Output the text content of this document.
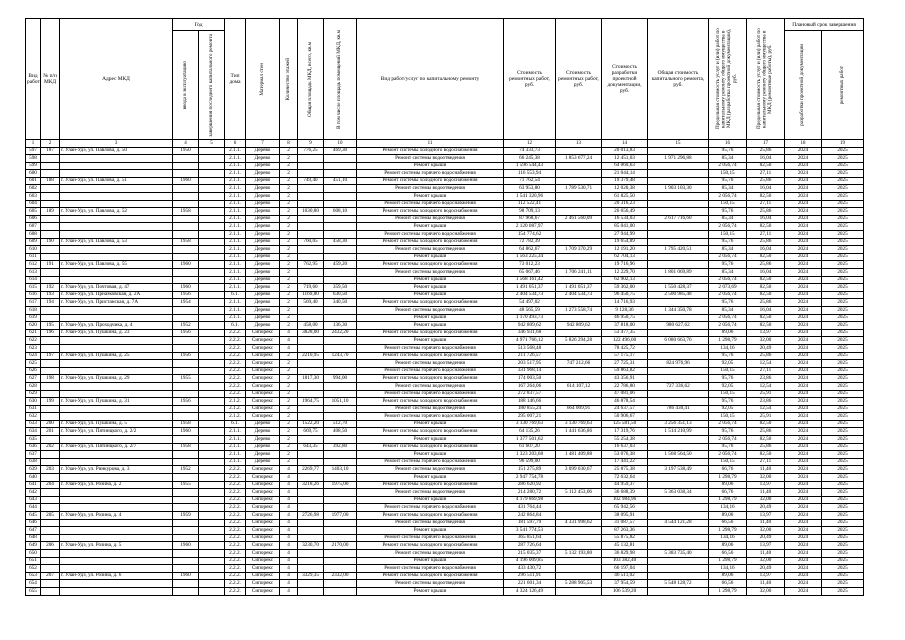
Вид работ	№ п/п МКД	Адрес МКД	Год		Тип дома	Материал стен	Количество этажей	Общая площадь МКД, всего, кв.м	В том числе площадь помещений МКД, кв.м	Вид работ/услуг по капитальному ремонту	Стоимость ремонтных работ, руб.	Стоимость ремонтных работ, руб.	Стоимость разработки проектной документации, руб.	Общая стоимость капитального ремонта, руб.	Предельная стоимость услуг и (или) работ по капитальному ремонту общего имущества в МКД (разработка проектной документации), руб.	Предельная стоимость услуг и (или) работ по капитальному ремонту общего имущества в МКД (ремонтные работы), руб.	Плановый срок завершения	

			ввода в эксплуатацию	завершения последнего капитального ремонта													разработки проектной документации	ремонтных работ

1	2	3	4	5	6	7	8	9	10	11	12	13	14	15	16	17	18	19
597	187	г. Улан-Удэ, ул. Павлова, д. 50	1950		2.1.1.	Дерево	2	776,25	469,30	Ремонт системы холодного водоснабжения	74 333,73		20 013,83		95,76	25,86	2024	2025
598					2.1.1.	Дерево	2			Ремонт системы водоотведения	66 245,38	1 853 677,24	12 451,03	1 971 296,88	85,34	16,04	2024	2025
599					2.1.1.	Дерево	2			Ремонт крыши	1 596 544,43		64 060,63		2 056,74	82,50	2024	2025
600					2.1.1.	Дерево	2			Ремонт системы горячего водоснабжения	116 553,94		21 044,14		150,15	27,11	2024	2025
601	188	г. Улан-Удэ, ул. Павлова, д. 51	1960		2.1.1.	Дерево	2	749,40	451,10	Ремонт системы холодного водоснабжения	71 762,54		19 379,48		95,76	25,86	2024	2025
602					2.1.1.	Дерево	2			Ремонт системы водоотведения	63 953,80	1 789 530,71	12 020,38	1 903 103,30	85,34	16,04	2024	2025
603					2.1.1.	Дерево	2			Ремонт крыши	1 541 320,96		61 825,50		2 056,74	82,50	2024	2025
604					2.1.1.	Дерево	2			Ремонт системы горячего водоснабжения	112 522,41		20 316,23		150,15	27,11	2024	2025
605	189	г. Улан-Удэ, ул. Павлова, д. 52	1958		2.1.1.	Дерево	2	1030,80	608,10	Ремонт системы холодного водоснабжения	98 709,13		26 656,49		95,76	25,86	2024	2025
606					2.1.1.	Дерево	2			Ремонт системы водоотведения	87 968,67	2 461 560,09	16 534,03	2 617 716,60	85,34	16,04	2024	2025
607					2.1.1.	Дерево	2			Ремонт крыши	2 120 087,97		85 041,00		2 056,74	82,50	2024	2025
608					2.1.1.	Дерево	2			Ремонт системы горячего водоснабжения	154 774,62		27 944,99		150,15	27,11	2024	2025
609	190	г. Улан-Удэ, ул. Павлова, д. 53	1958		2.1.1.	Дерево	2	760,05	458,30	Ремонт системы холодного водоснабжения	72 782,39		19 654,89		95,76	25,86	2024	2025
610					2.1.1.	Дерево	2			Ремонт системы водоотведения	64 862,67	1 709 370,29	12 191,20	1 795 420,51	85,34	16,04	2024	2025
611					2.1.1.	Дерево	2			Ремонт крыши	1 563 225,34		62 704,13		2 056,74	82,50	2024	2025
612	191	г. Улан-Удэ, ул. Павлова, д. 55	1960		2.1.1.	Дерево	2	762,95	459,20	Ремонт системы холодного водоснабжения	73 012,23		19 716,96		95,76	25,86	2024	2025
613					2.1.1.	Дерево	2			Ремонт системы водоотведения	65 067,46	1 706 241,11	12 229,70	1 801 069,89	85,34	16,04	2024	2025
614					2.1.1.	Дерево	2			Ремонт крыши	1 568 161,42		62 902,13		2 056,74	82,50	2024	2025
615	192	г. Улан-Удэ, ул. Почтовая, д. 47	1960		2.1.1.	Дерево	2	719,60	359,50	Ремонт крыши	1 491 051,37	1 491 051,37	59 362,00	1 550 428,37	2 073,69	82,50	2024	2025
616	193	г. Улан-Удэ, ул. Приаэковская, д. 2А	1956		6.1.	Дерево	2	1169,80	630,50	Ремонт крыши	2 404 534,73	2 404 534,73	96 450,75	2 500 985,48	2 056,74	82,50	2024	2025
617	194	г. Улан-Удэ, ул. Пристанская, д. 7А	1954		2.1.1.	Дерево	2	569,40	340,50	Ремонт системы холодного водоснабжения	54 497,02		14 716,93		95,76	25,86	2024	2025
618					2.1.1.	Дерево	2			Ремонт системы водоотведения	48 565,59	1 273 558,74	9 128,36	1 344 350,78	85,34	16,04	2024	2025
619					2.1.1.	Дерево	2			Ремонт крыши	1 170 493,73		46 950,75		2 056,74	82,50	2024	2025
620	195	г. Улан-Удэ, ул. Проходчика, д. 4	1952		6.1.	Дерево	2	458,00	136,30	Ремонт крыши	942 809,62	942 809,62	37 818,00	980 627,62	2 056,74	82,50	2024	2025
621	196	г. Улан-Удэ, ул. Пушкина, д. 23	1956		2.2.2.	Сипорекс	4	3828,00	2432,20	Ремонт системы холодного водоснабжения	346 931,68		53 477,35		89,06	13,97	2024	2025
622					2.2.2.	Сипорекс	4			Ремонт крыши	4 971 766,12	5 826 294,28	122 496,00	6 080 663,76	1 298,79	32,00	2024	2025
623					2.2.2.	Сипорекс	4			Ремонт системы горячего водоснабжения	513 568,48		78 425,72		134,16	20,49	2024	2025
624	197	г. Улан-Удэ, ул. Пушкина, д. 25	1956		2.2.2.	Сипорекс	2	2210,95	1243,70	Ремонт системы холодного водоснабжения	211 726,57		57 175,17		95,76	25,86	2024	2025
625					2.2.2.	Сипорекс	2			Ремонт системы водоотведения	203 517,95	747 212,66	27 725,31	824 976,96	92,05	12,54	2024	2025
626					2.2.2.	Сипорекс	2			Ремонт системы горячего водоснабжения	331 968,14		59 863,82		150,15	27,11	2024	2025
627	198	г. Улан-Удэ, ул. Пушкина, д. 29	1955		2.2.2.	Сипорекс	2	1817,30	994,00	Ремонт системы холодного водоснабжения	174 003,50		43 356,91		95,76	23,86	2024	2025
628					2.2.2.	Сипорекс	2			Ремонт системы водоотведения	167 264,06	614 107,12	22 786,80	727 336,62	92,05	12,54	2024	2025
629					2.2.2.	Сипорекс	2			Ремонт системы горячего водоснабжения	272 837,57		47 081,06		150,15	25,91	2024	2025
630	199	г. Улан-Удэ, ул. Пушкина, д. 31	1956		2.1.2.	Сипорекс	2	1964,75	1051,10	Ремонт системы холодного водоснабжения	188 146,66		46 878,54		95,76	23,86	2024	2025
631					2.1.2.	Сипорекс	2			Ремонт системы водоотведения	180 855,24	664 009,91	24 637,57	786 430,41	92,05	12,54	2024	2025
632					2.1.2.	Сипорекс	2			Ремонт системы горячего водоснабжения	295 007,21		50 906,67		150,15	25,91	2024	2025
633	200	г. Улан-Удэ, ул. Пушкина, д. 5	1958		6.1.	Дерево	2	1522,20	512,70	Ремонт крыши	3 130 769,63	3 130 769,63	125 581,50	3 256 351,13	2 056,74	82,50	2024	2025
634	201	г. Улан-Удэ, ул. Пятинцкого, д. 2/2	1960		2.1.1.	Дерево	2	669,75	408,50	Ремонт системы холодного водоснабжения	64 135,26	1 441 636,86	17 319,76	1 514 210,99	95,76	25,86	2024	2025
635					2.1.1.	Дерево	2			Ремонт крыши	1 377 501,62		55 254,38		2 056,74	82,50	2024	2025
636	202	г. Улан-Удэ, ул. Пятинцкого, д. 2/7	1958		2.1.1.	Дерево	2	643,35	392,80	Ремонт системы холодного водоснабжения	61 607,20		16 637,03		95,76	25,86	2024	2025
637					2.1.1.	Дерево	2			Ремонт крыши	1 323 203,68	1 481 409,88	53 076,38	1 568 564,50	2 056,74	82,50	2024	2025
638					2.1.1.	Дерево	2			Ремонт системы горячего водоснабжения	96 599,00		17 441,22		150,15	27,11	2024	2025
639	203	г. Улан-Удэ, ул. Ринкурова, д. 3	1952		2.2.2.	Сипорекс	4	2269,77	1403,10	Ремонт системы водоотведения	151 275,89	3 099 030,67	25 875,38	3 197 538,49	66,76	11,40	2024	2025
640					2.2.2.	Сипорекс	4			Ремонт крыши	2 947 754,78		72 632,64		1 298,79	32,00	2024	2025
641	204	г. Улан-Удэ, ул. Розина, д. 2	1955		2.2.2.	Сипорекс	4	3218,26	1975,00	Ремонт системы холодного водоснабжения	286 620,92		44 959,37		89,06	13,97	2024	2025
642					2.2.2.	Сипорекс	4			Ремонт системы водоотведения	214 280,72	5 112 453,06	36 688,39	5 363 038,34	66,76	11,40	2024	2025
643					2.2.2.	Сипорекс	4			Ремонт крыши	4 179 869,98		102 984,96		1 298,79	32,00	2024	2025
644					2.2.2.	Сипорекс	4			Ремонт системы горячего водоснабжения	431 764,44		65 942,56		134,16	20,49	2024	2025
645	205	г. Улан-Удэ, ул. Розина, д. 4	1959		2.2.2.	Сипорекс	4	2726,98	1977,00	Ремонт системы холодного водоснабжения	242 864,84		38 095,91		89,06	13,97	2024	2025
646					2.2.2.	Сипорекс	4			Ремонт системы водоотведения	181 597,79	4 331 998,62	31 087,57	4 544 121,28	66,56	11,40	2024	2025
647					2.2.2.	Сипорекс	4			Ремонт крыши	3 541 774,53		87 263,36		1 298,79	32,00	2024	2025
648					2.2.2.	Сипорекс	4			Ремонт системы горячего водоснабжения	365 851,64		55 875,82		134,16	20,49	2024	2025
649	206	г. Улан-Удэ, ул. Розина, д. 5	1960		2.2.2.	Сипорекс	4	3230,70	2170,00	Ремонт системы холодного водоснабжения	287 726,64		45 132,81		89,06	13,97	2024	2025
650					2.2.2.	Сипорекс	4			Ремонт системы водоотведения	215 035,37	5 132 193,80	36 829,98	5 383 735,40	66,56	11,40	2024	2025
651					2.2.2.	Сипорекс	4			Ремонт крыши	4 196 009,85		103 382,40		1 298,79	32,00	2024	2025
652					2.2.2.	Сипорекс	4			Ремонт системы горячего водоснабжения	433 430,72		66 197,04		134,16	20,49	2024	2025
653	207	г. Улан-Удэ, ул. Розина, д. 6	1960		2.2.2.	Сипорекс	4	3329,35	2332,00	Ремонт системы холодного водоснабжения	296 511,91		46 511,02		89,06	13,97	2024	2025
654					2.2.2.	Сипорекс	4			Ремонт системы водоотведения	221 601,34	5 288 905,53	37 954,59	5 548 128,72	66,56	11,40	2024	2025
655					2.2.2.	Сипорекс	4			Ремонт крыши	4 324 126,49		106 539,20		1 298,79	32,00	2024	2025
